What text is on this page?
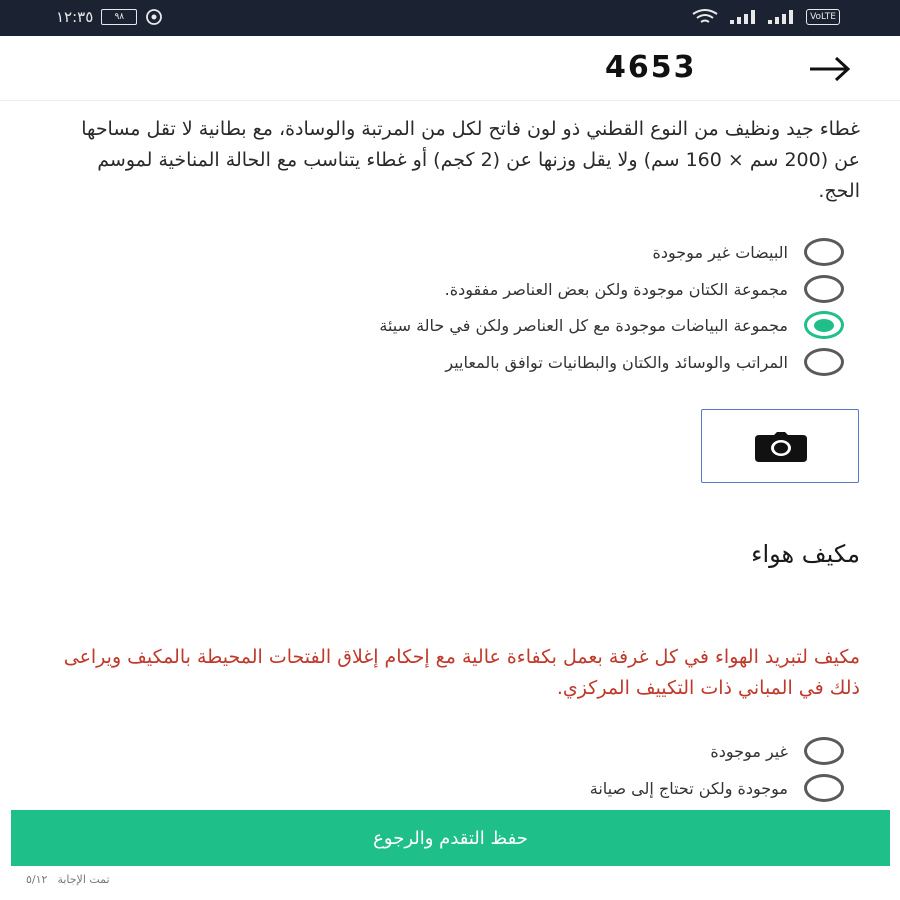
١٢:٣٥	٩٨	VoLTE
4653
غطاء جيد ونظيف من النوع القطني ذو لون فاتح لكل من المرتبة والوسادة، مع بطانية لا تقل مساحها عن (200 سم × 160 سم) ولا يقل وزنها عن (2 كجم) أو غطاء يتناسب مع الحالة المناخية لموسم الحج.
البيضات غير موجودة
مجموعة الكتان موجودة ولكن بعض العناصر مفقودة.
مجموعة البياضات موجودة مع كل العناصر ولكن في حالة سيئة
المراتب والوسائد والكتان والبطانيات توافق بالمعايير
مكيف هواء
مكيف لتبريد الهواء في كل غرفة بعمل بكفاءة عالية مع إحكام إغلاق الفتحات المحيطة بالمكيف ويراعى ذلك في المباني ذات التكييف المركزي.
غير موجودة
موجودة ولكن تحتاج إلى صيانة
حفظ التقدم والرجوع
تمت الإجابة
٥/١٢
